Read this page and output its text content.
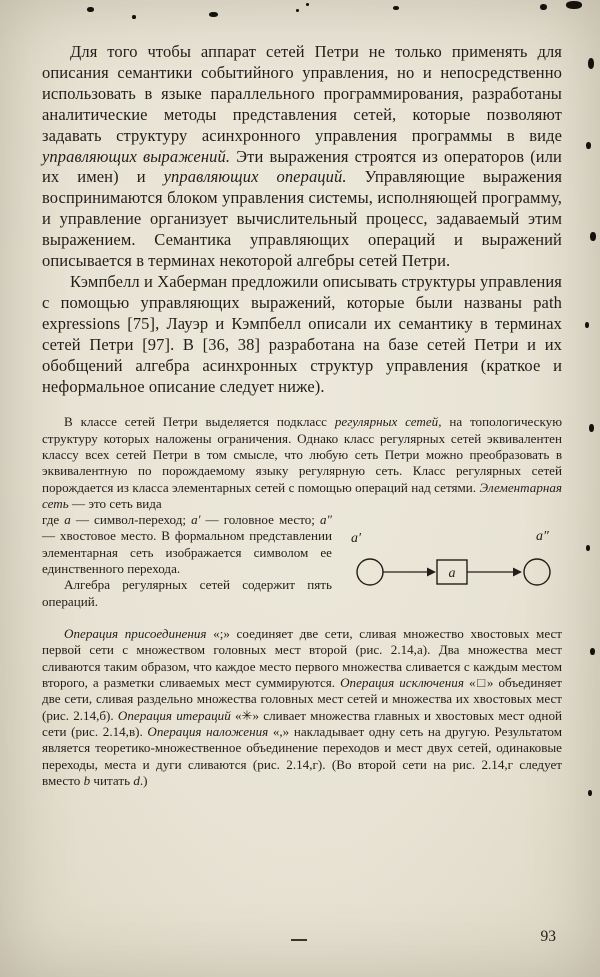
Для того чтобы аппарат сетей Петри не только применять для описания семантики событийного управления, но и непосредственно использовать в языке параллельного программирования, разработаны аналитические методы представления сетей, которые позволяют задавать структуру асинхронного управления программы в виде управляющих выражений. Эти выражения строятся из операторов (или их имен) и управляющих операций. Управляющие выражения воспринимаются блоком управления системы, исполняющей программу, и управление организует вычислительный процесс, задаваемый этим выражением. Семантика управляющих операций и выражений описывается в терминах некоторой алгебры сетей Петри.

Кэмпбелл и Хаберман предложили описывать структуры управления с помощью управляющих выражений, которые были названы path expressions [75], Лауэр и Кэмпбелл описали их семантику в терминах сетей Петри [97]. В [36, 38] разработана на базе сетей Петри и их обобщений алгебра асинхронных структур управления (краткое и неформальное описание следует ниже).

В классе сетей Петри выделяется подкласс регулярных сетей, на топологическую структуру которых наложены ограничения. Однако класс регулярных сетей эквивалентен классу всех сетей Петри в том смысле, что любую сеть Петри можно преобразовать в эквивалентную по порождаемому языку регулярную сеть. Класс регулярных сетей порождается из класса элементарных сетей с помощью операций над сетями. Элементарная сеть — это сеть вида

a′	a″
a

где a — символ-переход; a′ — головное место; a″ — хвостовое место. В формальном представлении элементарная сеть изображается символом ее единственного перехода.

Алгебра регулярных сетей содержит пять операций.

Операция присоединения «;» соединяет две сети, сливая множество хвостовых мест первой сети с множеством головных мест второй (рис. 2.14,а). Два множества мест сливаются таким образом, что каждое место первого множества сливается с каждым местом второго, а разметки сливаемых мест суммируются. Операция исключения «□» объединяет две сети, сливая раздельно множества головных мест сетей и множества их хвостовых мест (рис. 2.14,б). Операция итераций «✳» сливает множества главных и хвостовых мест одной сети (рис. 2.14,в). Операция наложения «,» накладывает одну сеть на другую. Результатом является теоретико-множественное объединение переходов и мест двух сетей, одинаковые переходы, места и дуги сливаются (рис. 2.14,г). (Во второй сети на рис. 2.14,г следует вместо b читать d.)

93
